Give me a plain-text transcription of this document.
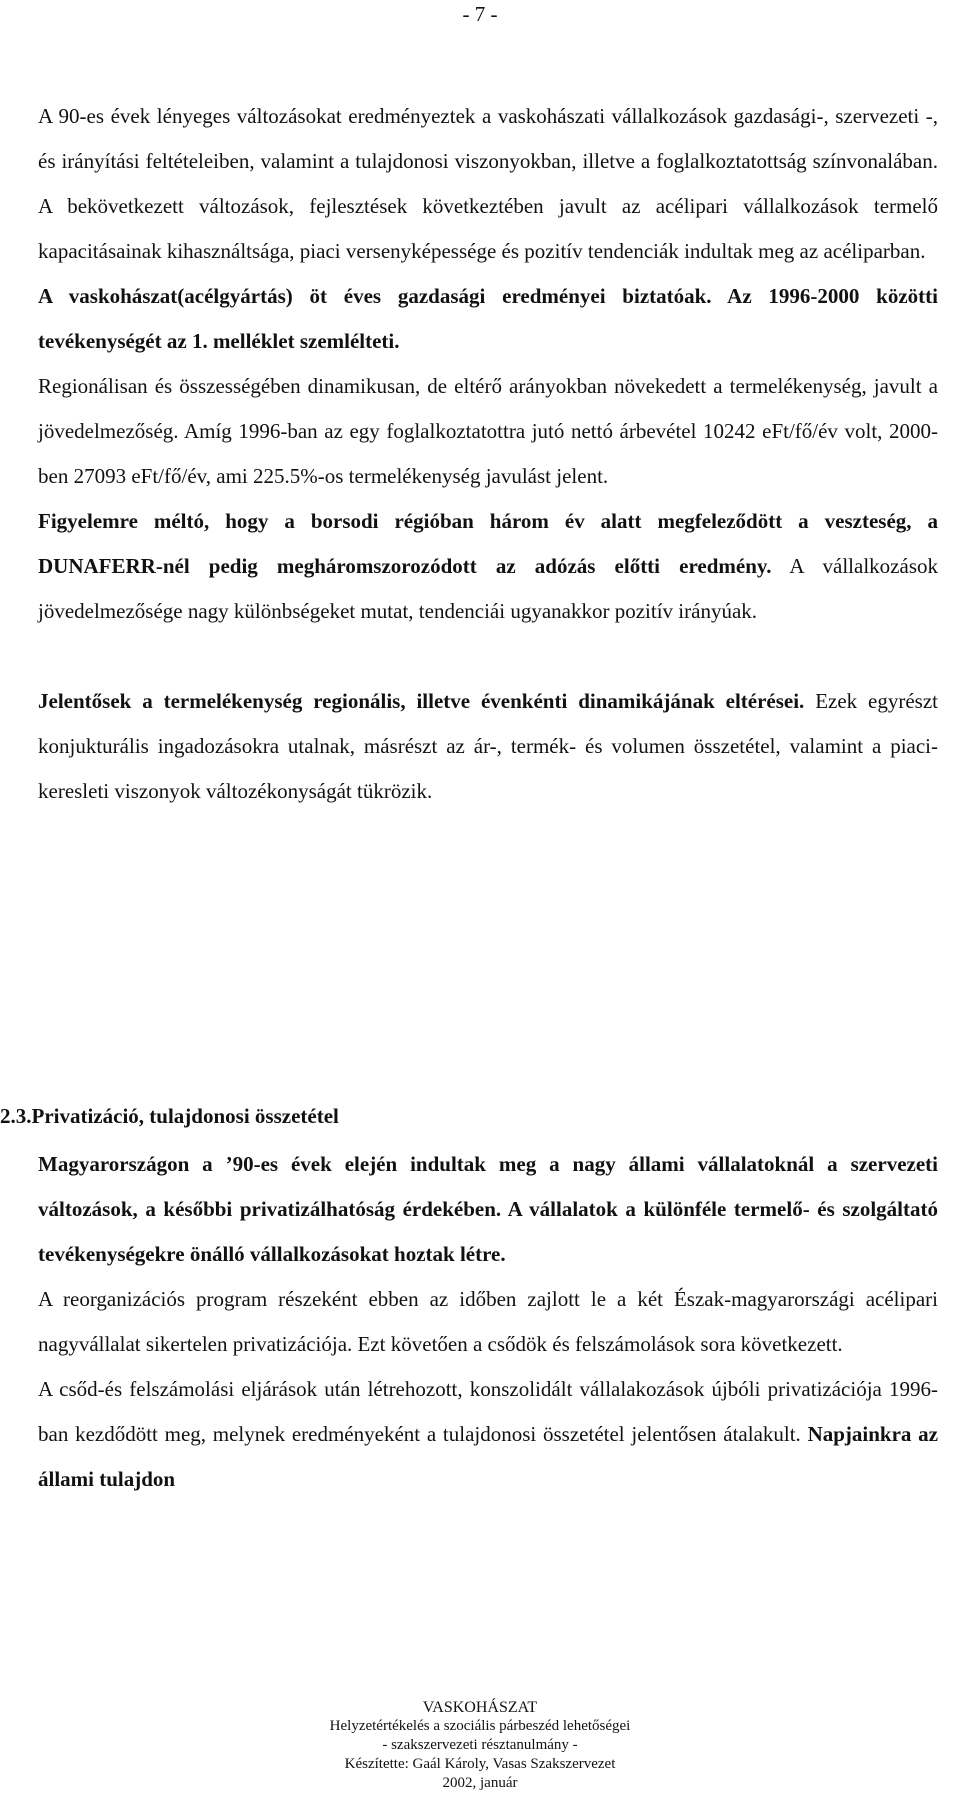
- 7 -

A 90-es évek lényeges változásokat eredményeztek a vaskohászati vállalkozások gazdasági-, szervezeti -, és irányítási feltételeiben, valamint a tulajdonosi viszonyokban, illetve a foglalkoztatottság színvonalában. A bekövetkezett változások, fejlesztések következtében javult az acélipari vállalkozások termelő kapacitásainak kihasználtsága, piaci versenyképessége és pozitív tendenciák indultak meg az acéliparban.

A vaskohászat(acélgyártás) öt éves gazdasági eredményei biztatóak. Az 1996-2000 közötti tevékenységét az 1. melléklet szemlélteti.

Regionálisan és összességében dinamikusan, de eltérő arányokban növekedett a termelékenység, javult a jövedelmezőség. Amíg 1996-ban az egy foglalkoztatottra jutó nettó árbevétel 10242 eFt/fő/év volt, 2000-ben 27093 eFt/fő/év, ami 225.5%-os termelékenység javulást jelent.

Figyelemre méltó, hogy a borsodi régióban három év alatt megfeleződött a veszteség, a DUNAFERR-nél pedig megháromszorozódott az adózás előtti eredmény. A vállalkozások jövedelmezősége nagy különbségeket mutat, tendenciái ugyanakkor pozitív irányúak.

Jelentősek a termelékenység regionális, illetve évenkénti dinamikájának eltérései. Ezek egyrészt konjukturális ingadozásokra utalnak, másrészt az ár-, termék- és volumen összetétel, valamint a piaci-keresleti viszonyok változékonyságát tükrözik.

2.3.Privatizáció, tulajdonosi összetétel

Magyarországon a ’90-es évek elején indultak meg a nagy állami vállalatoknál a szervezeti változások, a későbbi privatizálhatóság érdekében. A vállalatok a különféle termelő- és szolgáltató tevékenységekre önálló vállalkozásokat hoztak létre.

A reorganizációs program részeként ebben az időben zajlott le a két Észak-magyarországi acélipari nagyvállalat sikertelen privatizációja. Ezt követően a csődök és felszámolások sora következett.

A csőd-és felszámolási eljárások után létrehozott, konszolidált vállalakozások újbóli privatizációja 1996-ban kezdődött meg, melynek eredményeként a tulajdonosi összetétel jelentősen átalakult. Napjainkra az állami tulajdon

VASKOHÁSZAT
Helyzetértékelés a szociális párbeszéd lehetőségei
- szakszervezeti résztanulmány -
Készítette: Gaál Károly, Vasas Szakszervezet
2002, január
